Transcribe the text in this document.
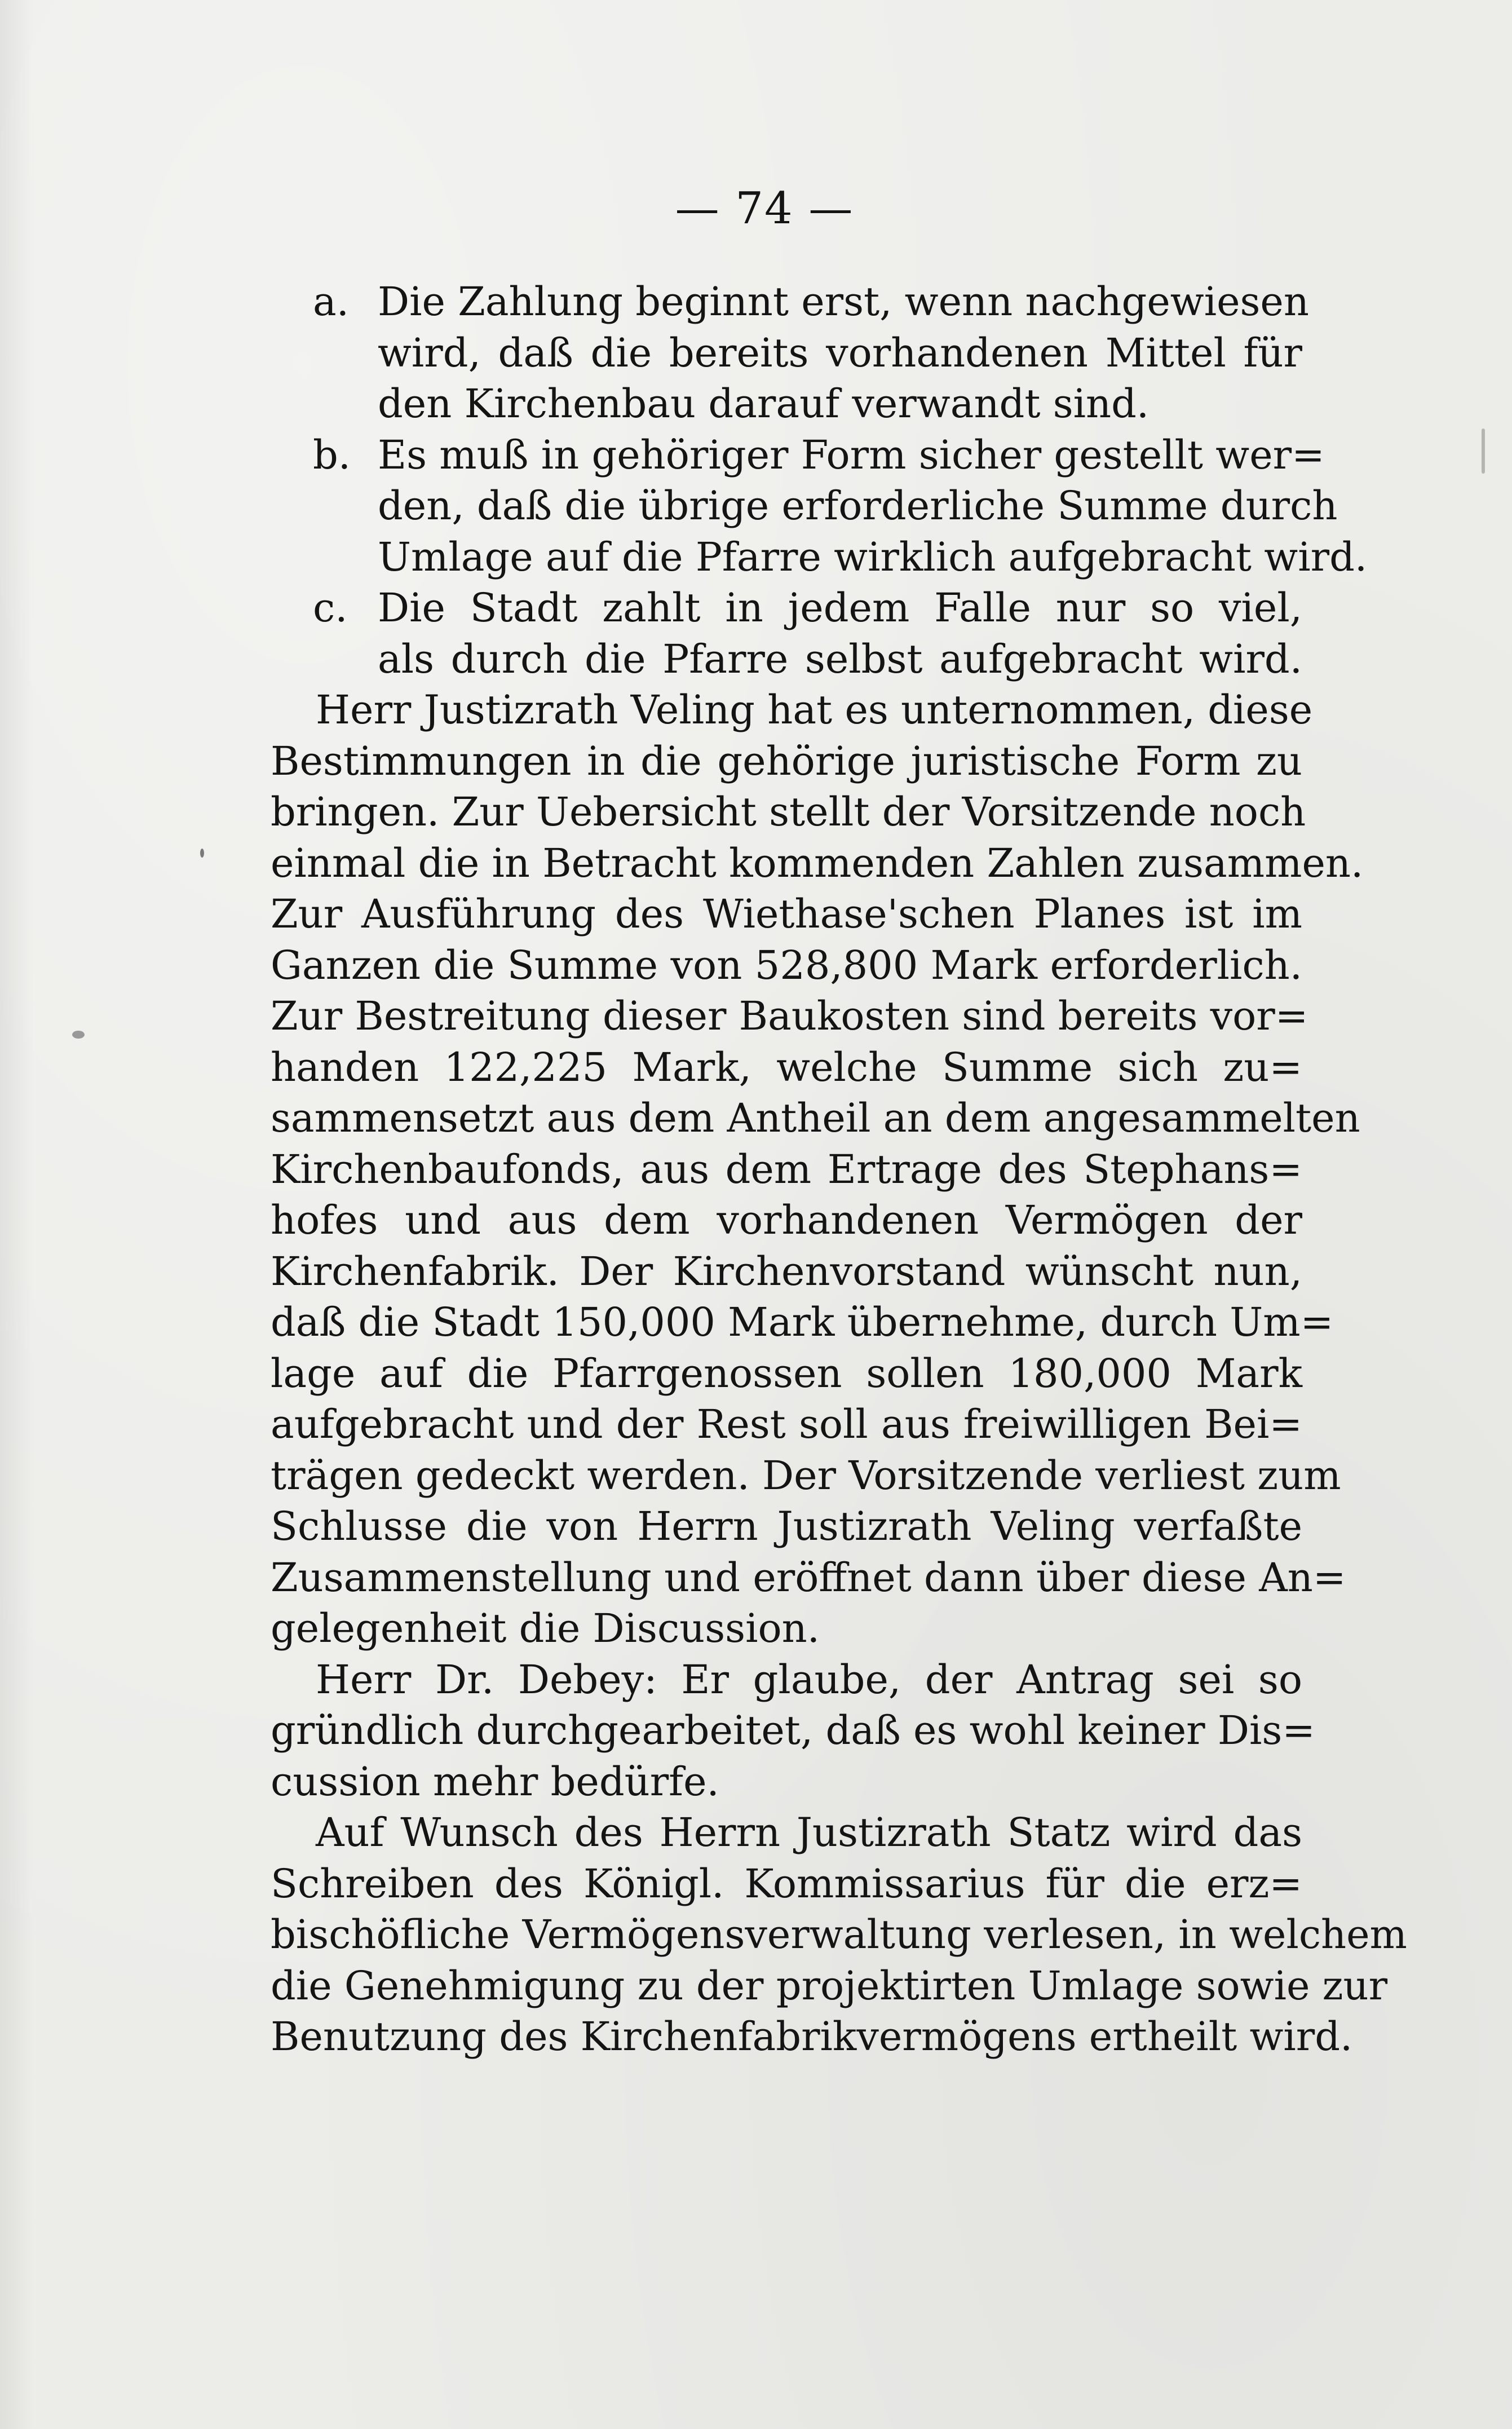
— 74 —
a. Die Zahlung beginnt erst, wenn nachgewiesen
wird, daß die bereits vorhandenen Mittel für
den Kirchenbau darauf verwandt sind.
b. Es muß in gehöriger Form sicher gestellt wer=
den, daß die übrige erforderliche Summe durch
Umlage auf die Pfarre wirklich aufgebracht wird.
c. Die Stadt zahlt in jedem Falle nur so viel,
als durch die Pfarre selbst aufgebracht wird.
Herr Justizrath Veling hat es unternommen, diese
Bestimmungen in die gehörige juristische Form zu
bringen. Zur Uebersicht stellt der Vorsitzende noch
einmal die in Betracht kommenden Zahlen zusammen.
Zur Ausführung des Wiethase'schen Planes ist im
Ganzen die Summe von 528,800 Mark erforderlich.
Zur Bestreitung dieser Baukosten sind bereits vor=
handen 122,225 Mark, welche Summe sich zu=
sammensetzt aus dem Antheil an dem angesammelten
Kirchenbaufonds, aus dem Ertrage des Stephans=
hofes und aus dem vorhandenen Vermögen der
Kirchenfabrik. Der Kirchenvorstand wünscht nun,
daß die Stadt 150,000 Mark übernehme, durch Um=
lage auf die Pfarrgenossen sollen 180,000 Mark
aufgebracht und der Rest soll aus freiwilligen Bei=
trägen gedeckt werden. Der Vorsitzende verliest zum
Schlusse die von Herrn Justizrath Veling verfaßte
Zusammenstellung und eröffnet dann über diese An=
gelegenheit die Discussion.
Herr Dr. Debey: Er glaube, der Antrag sei so
gründlich durchgearbeitet, daß es wohl keiner Dis=
cussion mehr bedürfe.
Auf Wunsch des Herrn Justizrath Statz wird das
Schreiben des Königl. Kommissarius für die erz=
bischöfliche Vermögensverwaltung verlesen, in welchem
die Genehmigung zu der projektirten Umlage sowie zur
Benutzung des Kirchenfabrikvermögens ertheilt wird.
